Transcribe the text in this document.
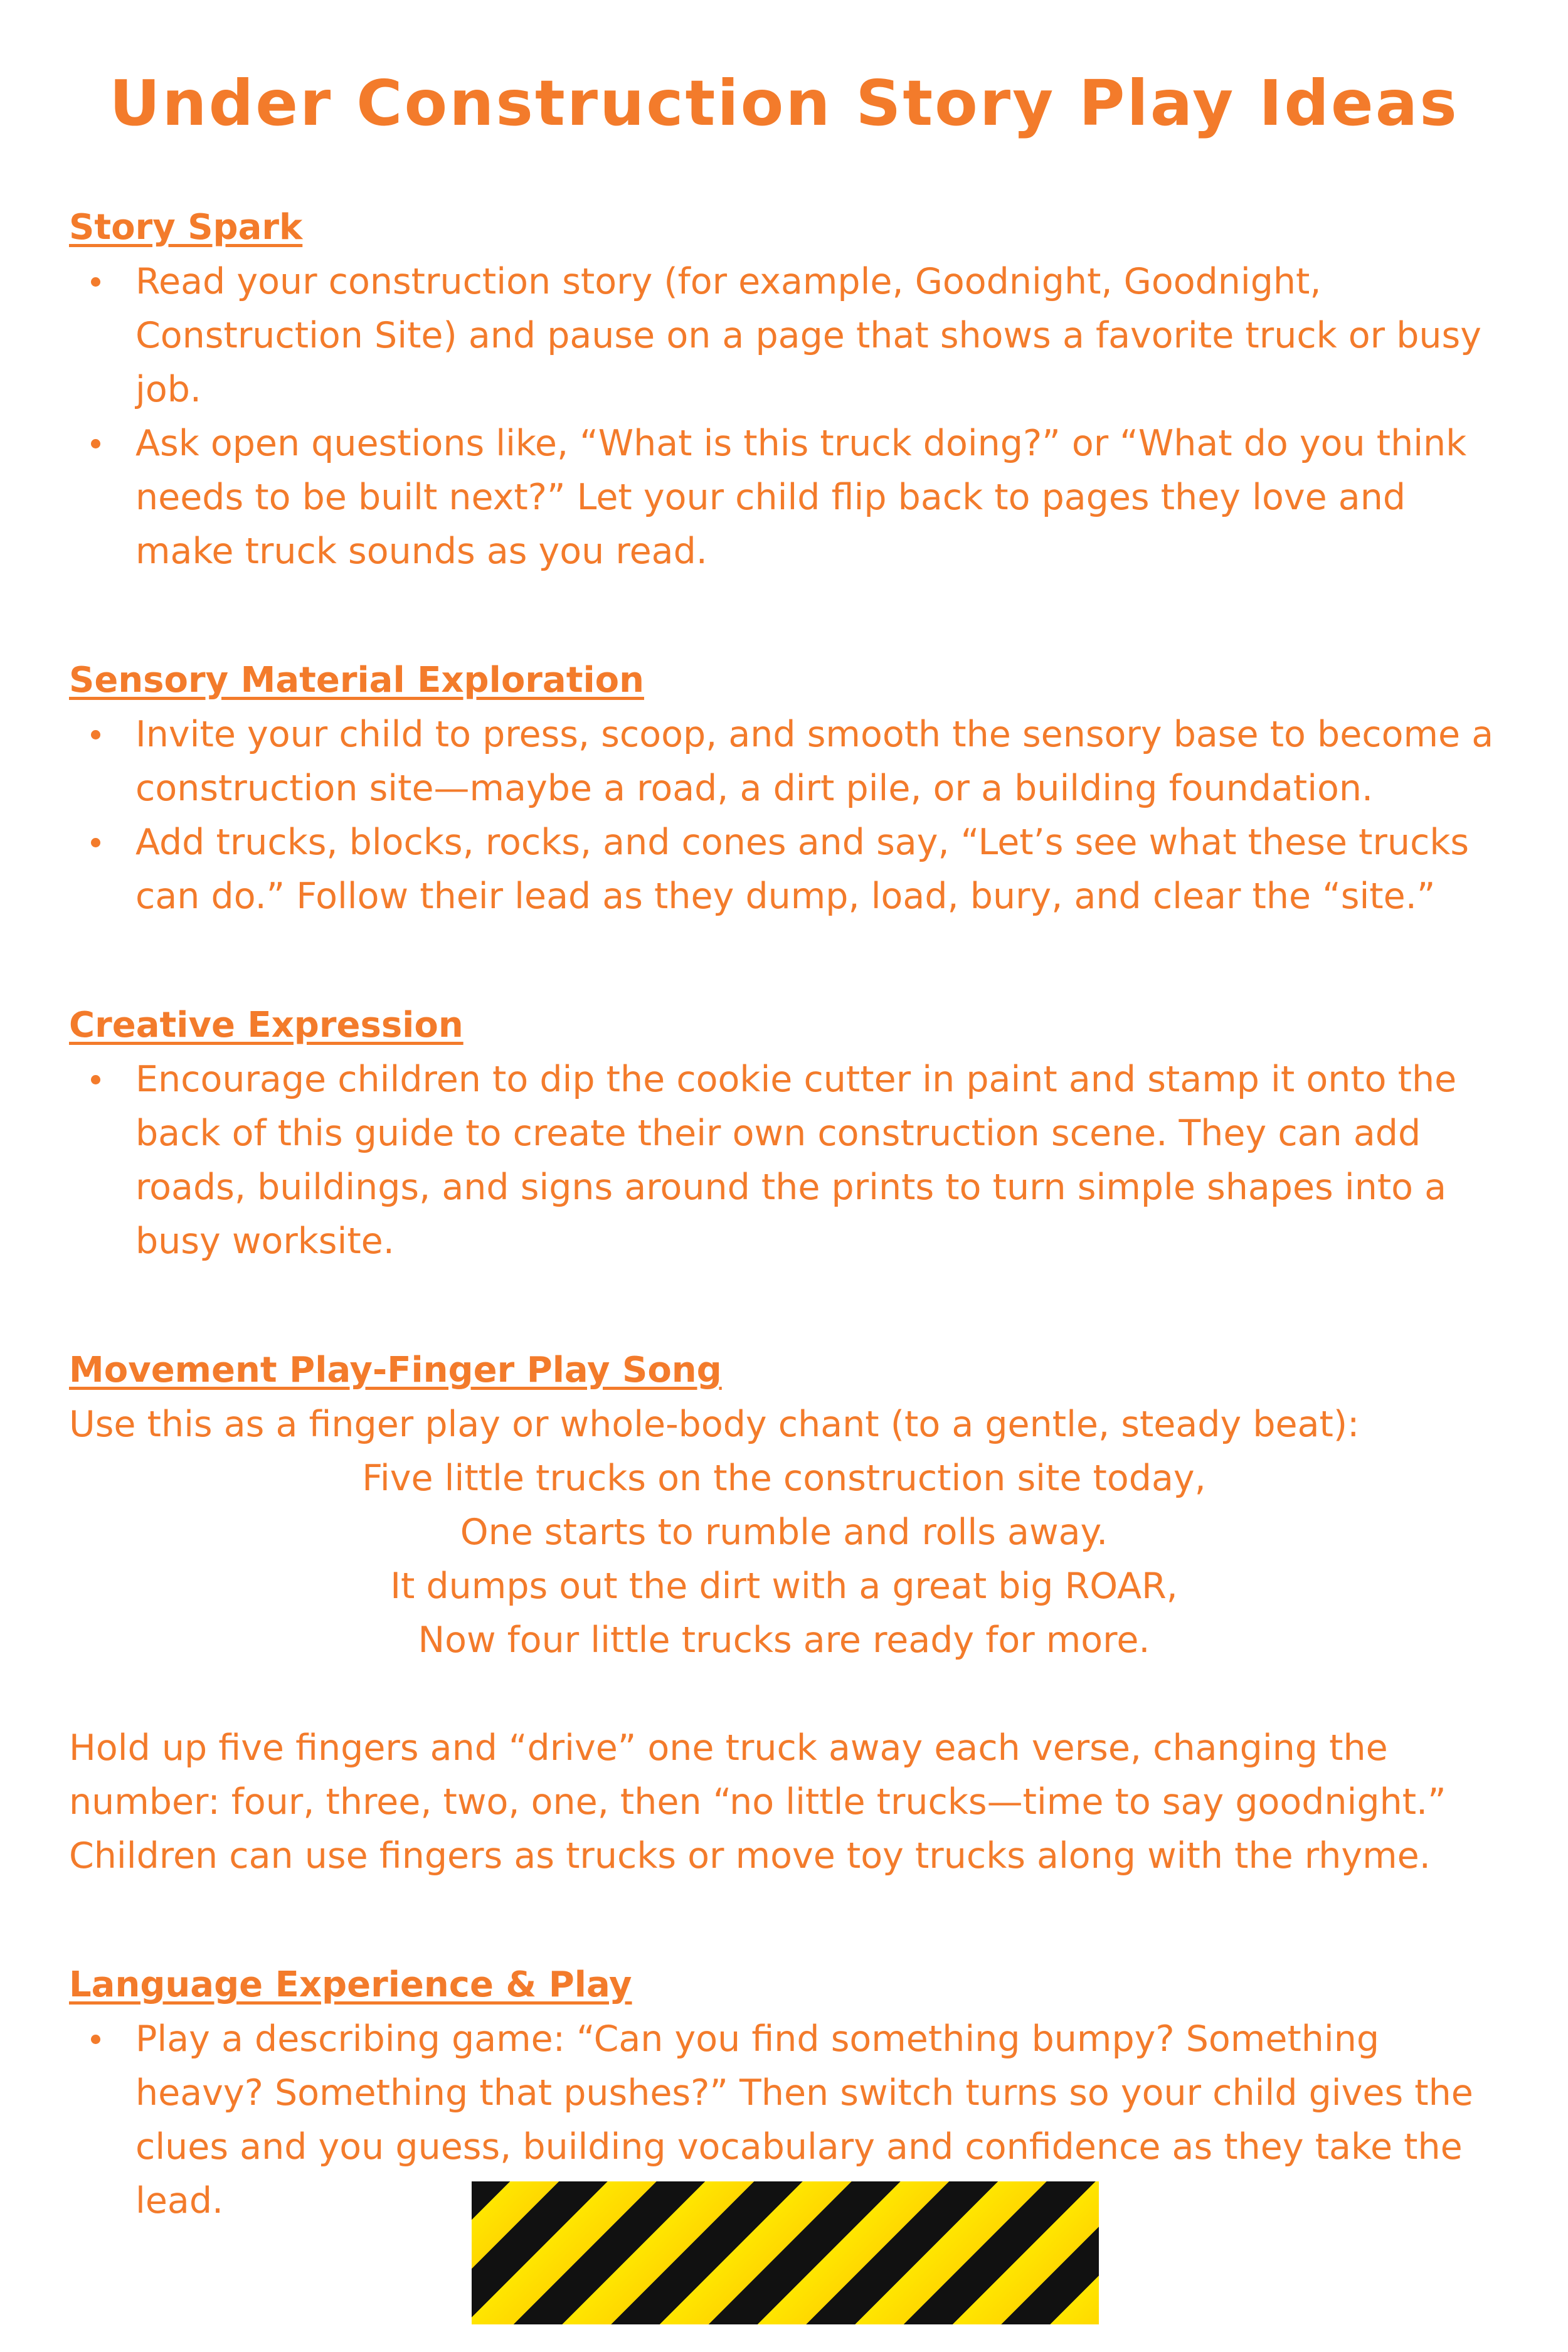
Under Construction Story Play Ideas
Story Spark
Read your construction story (for example, Goodnight, Goodnight, Construction Site) and pause on a page that shows a favorite truck or busy job.
Ask open questions like, “What is this truck doing?” or “What do you think needs to be built next?” Let your child flip back to pages they love and make truck sounds as you read.
Sensory Material Exploration
Invite your child to press, scoop, and smooth the sensory base to become a construction site—maybe a road, a dirt pile, or a building foundation.
Add trucks, blocks, rocks, and cones and say, “Let’s see what these trucks can do.” Follow their lead as they dump, load, bury, and clear the “site.”
Creative Expression
Encourage children to dip the cookie cutter in paint and stamp it onto the back of this guide to create their own construction scene. They can add roads, buildings, and signs around the prints to turn simple shapes into a busy worksite.
Movement Play-Finger Play Song

Use this as a finger play or whole-body chant (to a gentle, steady beat):

Five little trucks on the construction site today,
One starts to rumble and rolls away.
It dumps out the dirt with a great big ROAR,
Now four little trucks are ready for more.

Hold up five fingers and “drive” one truck away each verse, changing the number: four, three, two, one, then “no little trucks—time to say goodnight.” Children can use fingers as trucks or move toy trucks along with the rhyme.

Language Experience & Play
Play a describing game: “Can you find something bumpy? Something heavy? Something that pushes?” Then switch turns so your child gives the clues and you guess, building vocabulary and confidence as they take the lead.
